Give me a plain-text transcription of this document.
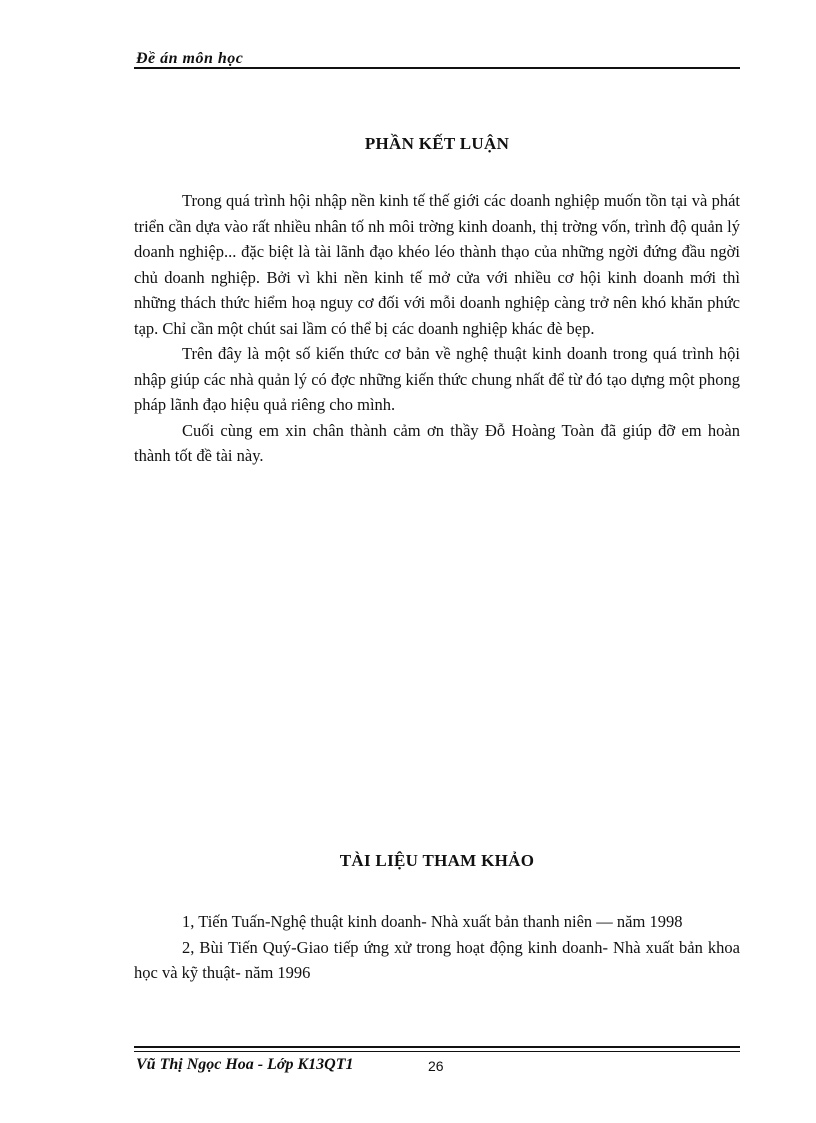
Đề án môn học
PHẦN KẾT LUẬN

Trong quá trình hội nhập nền kinh tế thế giới các doanh nghiệp muốn tồn tại và phát triển cần dựa vào rất nhiều nhân tố nh môi trờng kinh doanh, thị trờng vốn, trình độ quản lý doanh nghiệp... đặc biệt là tài lãnh đạo khéo léo thành thạo của những ngời đứng đầu ngời chủ doanh nghiệp. Bởi vì khi nền kinh tế mở cửa với nhiều cơ hội kinh doanh mới thì những thách thức hiểm hoạ nguy cơ đối với mỗi doanh nghiệp càng trở nên khó khăn phức tạp. Chỉ cần một chút sai lầm có thể bị các doanh nghiệp khác đè bẹp.

Trên đây là một số kiến thức cơ bản về nghệ thuật kinh doanh trong quá trình hội nhập giúp các nhà quản lý có đợc những kiến thức chung nhất để từ đó tạo dựng một phong pháp lãnh đạo hiệu quả riêng cho mình.

Cuối cùng em xin chân thành cảm ơn thầy Đỗ Hoàng Toàn đã giúp đỡ em hoàn thành tốt đề tài này.

TÀI LIỆU THAM KHẢO

1, Tiến Tuấn-Nghệ thuật kinh doanh- Nhà xuất bản thanh niên — năm 1998

2, Bùi Tiến Quý-Giao tiếp ứng xử trong hoạt động kinh doanh- Nhà xuất bản khoa học và kỹ thuật- năm 1996

Vũ Thị Ngọc Hoa - Lớp K13QT1	26
